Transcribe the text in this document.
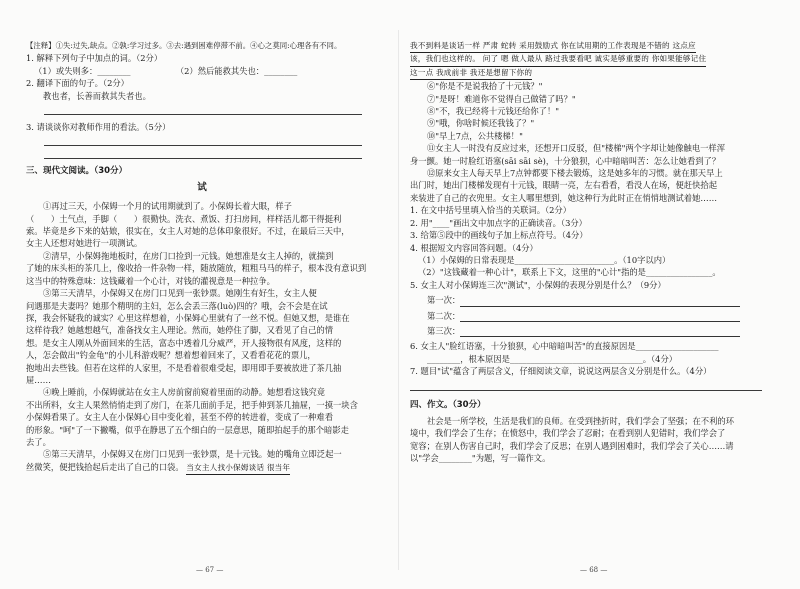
【注释】①失:过失,缺点。②孰:学习过多。③去:遇到困难停滞不前。④心之莫同:心理各有不同。
1. 解释下列句子中加点的词。（2分）
（1）或失则多：________	（2）然后能救其失也：________
2. 翻译下面的句子。（2分）
教也者，长善而救其失者也。
3. 请谈谈你对教师作用的看法。（5分）
三、现代文阅读。（30分）
试
①再过三天，小保姆一个月的试用期就到了。小保姆长着大眼，样子
（　　）土气点，手脚（　　）很勤快。洗衣、煮饭、打扫房间，样样活儿都干得挺利
索。毕竟是乡下来的姑娘，很实在，女主人对她的总体印象很好。不过，在最后三天中，
女主人还想对她进行一项测试。
②清早，小保姆拖地板时，在房门口捡到一元钱。她想准是女主人掉的，就揣到
了她的床头柜的茶几上，像收拾一件杂物一样，随放随放，粗粗马马的样子，根本没有意识到
这当中的特殊意味：这钱藏着一个心计，对钱的灌视意是一种拉争。
③第三天清早，小保姆又在房门口见到一张钞票。她刚生有好生，女主人便
问遇那是夫妻吗？她那个精明的主妇，怎么会丢三落(luò)四的？哦，会不会是在试
探，我会怀疑我的诚实？心里这样想着，小保姆心里就有了一丝不悦。但她又想，是谁在
这样待我？她越想越气，准备找女主人理论。然而，她停住了脚，又看见了自己的情
想。是女主人刚从外面回来的生活，富态中透着几分威严，开人接物很有风度，这样的
人，怎会做出"钓金龟"的小儿科游戏呢？想着想着回来了，又看看花花的票儿，
抱地出去些钱。但若在这样的人家里，不是看着很难受起，即用即手要被放进了茶几抽
屉……
④晚上睡前，小保姆就站在女主人房前窗前窥着里面的动静。她想看这钱究竟
不出所料，女主人果然悄悄走到了房门，在茶几面前手足，把手伸到茶几抽屉，一摸一块含
小保姆看果了。女主人在小保姆心目中变化着，甚至不停的转进着，变成了一种难看
的形象。"呵"了一下撇嘴，似乎在静思了五个细白的一层意思，随即拍起手的那个暗影走
去了。
⑤第三天清早，小保姆又在房门口见到一张钞票，是十元钱。她的嘴角立即泛起一
丝微笑，便把钱拾起后走出了自己的口袋。 当女主人找小保姆谈话 很当年
— 67 —
我不到料是谈话一样 严肃 蛇转 采用鼓励式 你在试用期的工作表现是不错的 这点应
该，我们也这样的。 问了 嗯 做人最从 路过我要看吧 诚实是够重要的 你如果能够记住
这一点 我成前非 我还是想留下你的
⑥"你是不是说我拾了十元钱？"
⑦"是呀！难道你不觉得自己做错了吗？"
⑧"不，我已经将十元钱还给你了！"
⑨"哦，你啥时候还我钱了？"
⑩"早上7点，公共楼梯！"
⑪女主人一时没有反应过来，还想开口反驳，但"楼梯"两个字却让她像触电一样浑
身一颤。她一时脸红语塞(sāi sāi sè)，十分狼狈，心中暗暗叫苦：怎么让她看到了？
⑫原来女主人每天早上7点钟都要下楼去锻炼，这是她多年的习惯。就在那天早上
出门时，她出门楼梯发现有十元钱，眼睛一亮，左右看看，看没人在场，便赶快拾起
来装进了自己的衣兜里。女主人哪里想到，她这种行为此时正在悄悄地测试着她……
1. 在文中括号里填入恰当的关联词。（2分）
2. 用"____"画出文中加点字的正确读音。（3分）
3. 给第⑤段中的画线句子加上标点符号。（4分）
4. 根据短文内容回答问题。（4分）
（1）小保姆的日常表现是________________________。（10字以内）
（2）"这钱藏着一种心计"，联系上下文，这里的"心计"指的是________________。
5. 女主人对小保姆连三次"测试"，小保姆的表现分别是什么？（9分）
第一次：
第二次：
第三次：
6. 女主人"脸红语塞，十分狼狈，心中暗暗叫苦"的直接原因是____________________
________，根本原因是________________________________。（4分）
7. 题目"试"蕴含了两层含义，仔细阅读文章，说说这两层含义分别是什么。（4分）
四、作文。（30分）
社会是一所学校，生活是我们的良师。在受到挫折时，我们学会了坚强；在不利的环
境中，我们学会了生存；在愤怒中，我们学会了忍耐；在看到别人犯错时，我们学会了
宽容；在别人伤害自己时，我们学会了反思；在别人遇到困难时，我们学会了关心……请
以"学会________"为题，写一篇作文。
— 68 —
